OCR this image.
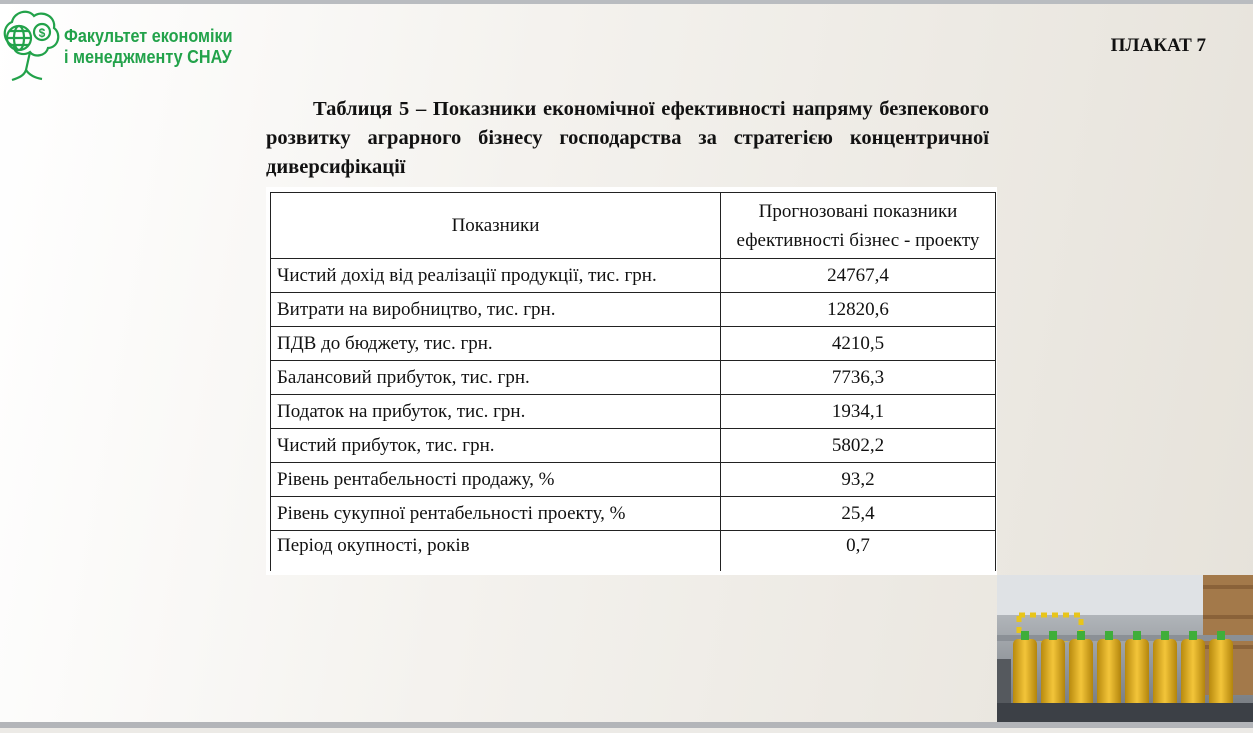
$ Факультет економіки
і менеджменту СНАУ
ПЛАКАТ 7
Таблиця 5 – Показники економічної ефективності напряму безпекового розвитку аграрного бізнесу господарства за стратегією концентричної диверсифікації
Показники	Прогнозовані показники ефективності бізнес - проекту
Чистий дохід від реалізації продукції, тис. грн.	24767,4
Витрати на виробництво, тис. грн.	12820,6
ПДВ до бюджету, тис. грн.	4210,5
Балансовий прибуток, тис. грн.	7736,3
Податок на прибуток, тис. грн.	1934,1
Чистий прибуток, тис. грн.	5802,2
Рівень рентабельності продажу, %	93,2
Рівень сукупної рентабельності проекту, %	25,4
Період окупності, років	0,7
